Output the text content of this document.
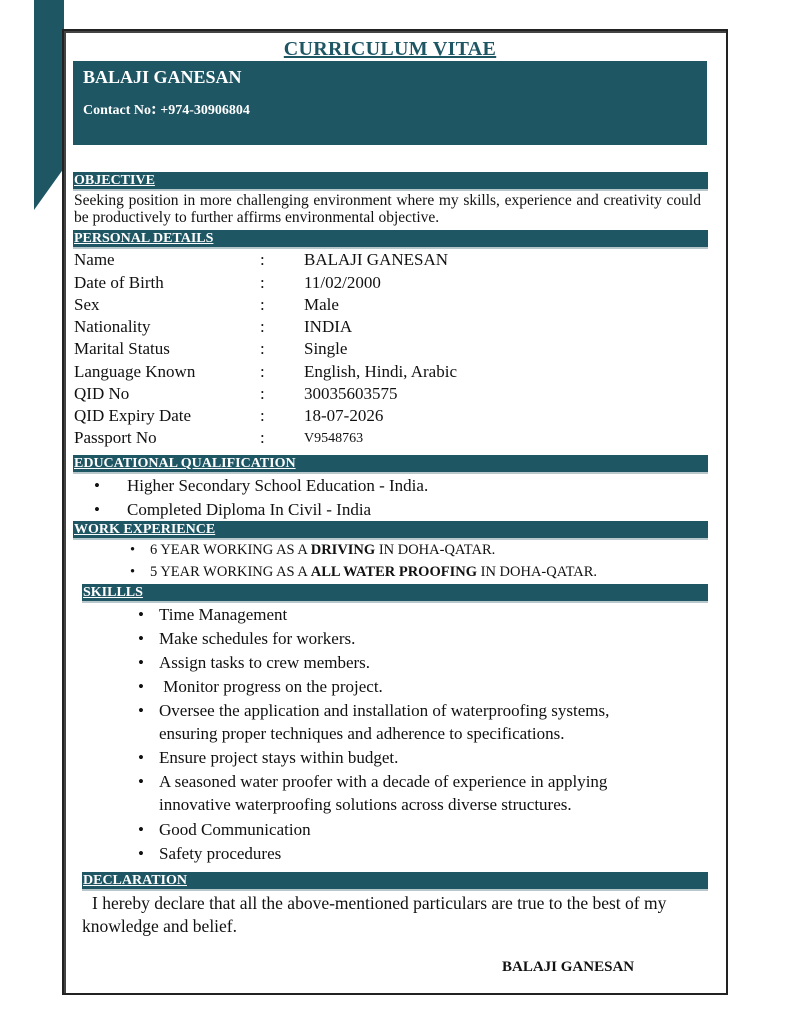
CURRICULUM VITAE
BALAJI GANESAN
Contact No: +974-30906804
OBJECTIVE
Seeking position in more challenging environment where my skills, experience and creativity could be productively to further affirms environmental objective.
PERSONAL DETAILS
Name	: BALAJI GANESAN
Date of Birth	: 11/02/2000
Sex	: Male
Nationality	: INDIA
Marital Status	: Single
Language Known	: English, Hindi, Arabic
QID No	: 30035603575
QID Expiry Date	: 18-07-2026
Passport No	:	V9548763
EDUCATIONAL QUALIFICATION
• Higher Secondary School Education - India.
• Completed Diploma In Civil - India
WORK EXPERIENCE
• 6 YEAR WORKING AS A DRIVING IN DOHA-QATAR.
• 5 YEAR WORKING AS A ALL WATER PROOFING IN DOHA-QATAR.
SKILLLS
• Time Management
• Make schedules for workers.
• Assign tasks to crew members.
• Monitor progress on the project.
• Oversee the application and installation of waterproofing systems,
ensuring proper techniques and adherence to specifications.
• Ensure project stays within budget.
• A seasoned water proofer with a decade of experience in applying
innovative waterproofing solutions across diverse structures.
• Good Communication
• Safety procedures
DECLARATION
I hereby declare that all the above-mentioned particulars are true to the best of my knowledge and belief.
BALAJI GANESAN
